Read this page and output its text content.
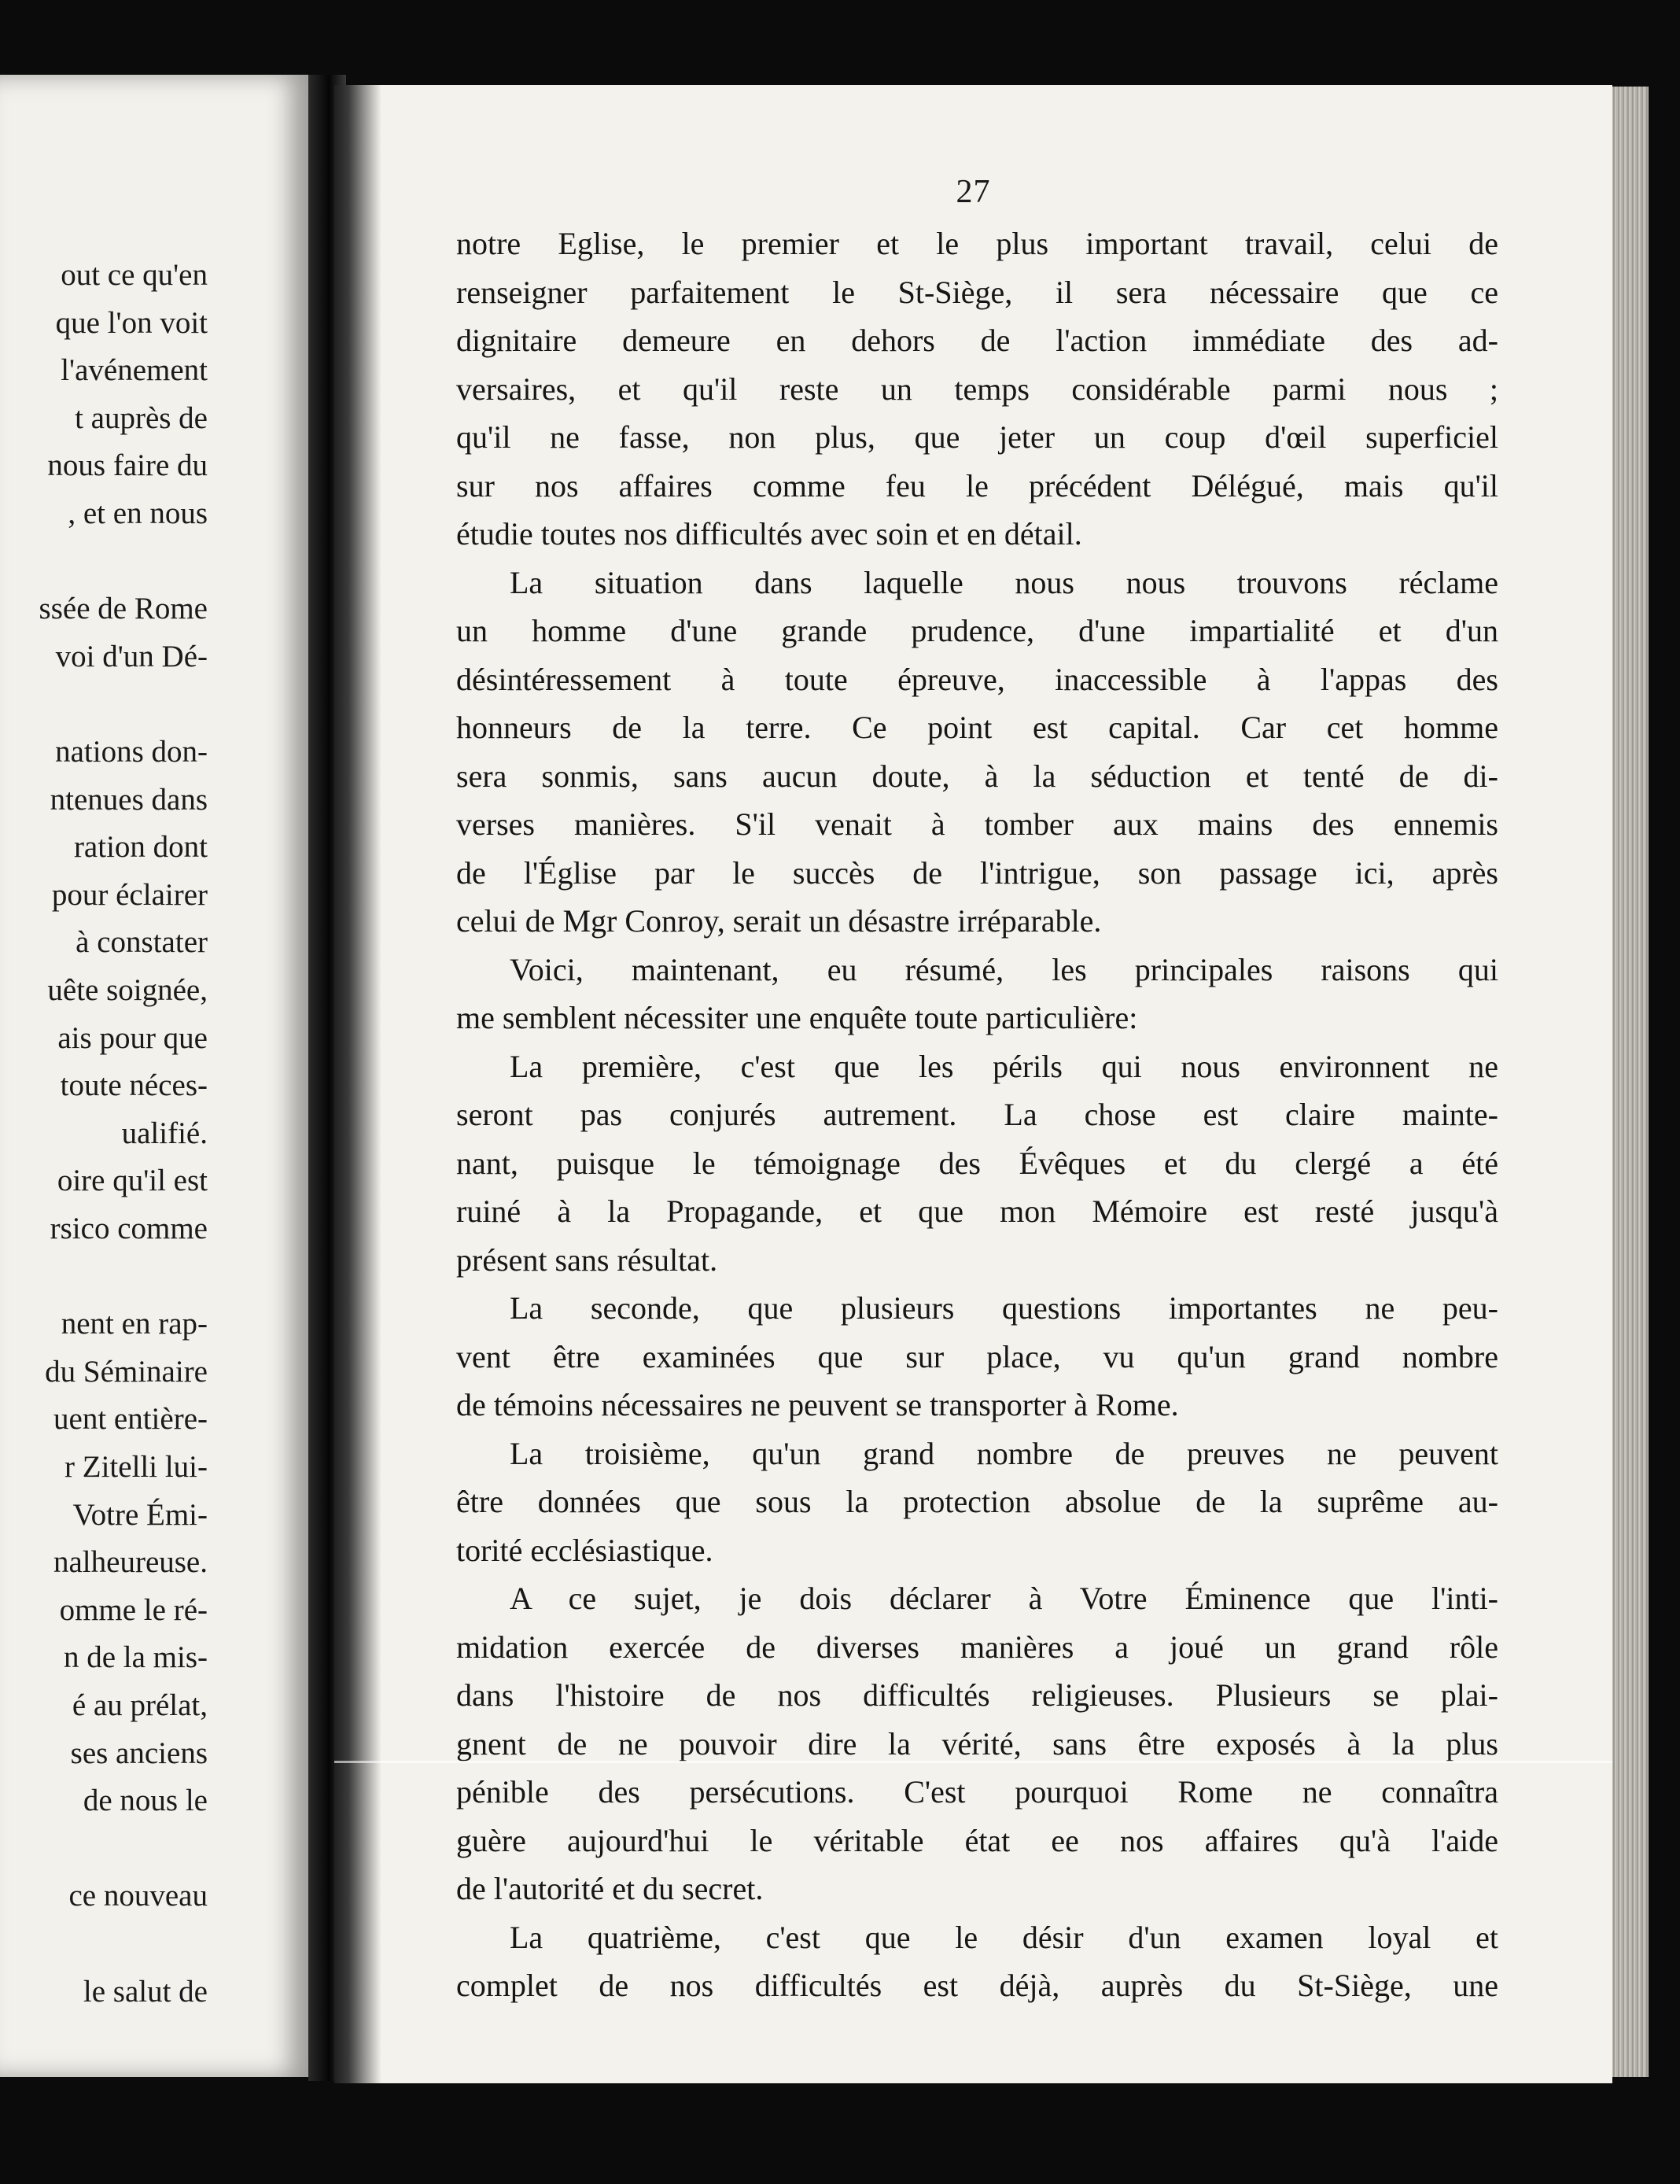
out ce qu'en
que l'on voit
l'avénement
t auprès de
nous faire du
, et en nous
ssée de Rome
voi d'un Dé-
nations don-
ntenues dans
ration dont
pour éclairer
à constater
uête soignée,
ais pour que
toute néces-
ualifié.
oire qu'il est
rsico comme
nent en rap-
du Séminaire
uent entière-
r Zitelli lui-
Votre Émi-
nalheureuse.
omme le ré-
n de la mis-
é au prélat,
ses anciens
de nous le
ce nouveau
le salut de
27
notre Eglise, le premier et le plus important travail, celui de
renseigner parfaitement le St-Siège, il sera nécessaire que ce
dignitaire demeure en dehors de l'action immédiate des ad-
versaires, et qu'il reste un temps considérable parmi nous ;
qu'il ne fasse, non plus, que jeter un coup d'œil superficiel
sur nos affaires comme feu le précédent Délégué, mais qu'il
étudie toutes nos difficultés avec soin et en détail.
La situation dans laquelle nous nous trouvons réclame
un homme d'une grande prudence, d'une impartialité et d'un
désintéressement à toute épreuve, inaccessible à l'appas des
honneurs de la terre. Ce point est capital. Car cet homme
sera sonmis, sans aucun doute, à la séduction et tenté de di-
verses manières. S'il venait à tomber aux mains des ennemis
de l'Église par le succès de l'intrigue, son passage ici, après
celui de Mgr Conroy, serait un désastre irréparable.
Voici, maintenant, eu résumé, les principales raisons qui
me semblent nécessiter une enquête toute particulière:
La première, c'est que les périls qui nous environnent ne
seront pas conjurés autrement. La chose est claire mainte-
nant, puisque le témoignage des Évêques et du clergé a été
ruiné à la Propagande, et que mon Mémoire est resté jusqu'à
présent sans résultat.
La seconde, que plusieurs questions importantes ne peu-
vent être examinées que sur place, vu qu'un grand nombre
de témoins nécessaires ne peuvent se transporter à Rome.
La troisième, qu'un grand nombre de preuves ne peuvent
être données que sous la protection absolue de la suprême au-
torité ecclésiastique.
A ce sujet, je dois déclarer à Votre Éminence que l'inti-
midation exercée de diverses manières a joué un grand rôle
dans l'histoire de nos difficultés religieuses. Plusieurs se plai-
gnent de ne pouvoir dire la vérité, sans être exposés à la plus
pénible des persécutions. C'est pourquoi Rome ne connaîtra
guère aujourd'hui le véritable état ee nos affaires qu'à l'aide
de l'autorité et du secret.
La quatrième, c'est que le désir d'un examen loyal et
complet de nos difficultés est déjà, auprès du St-Siège, une
